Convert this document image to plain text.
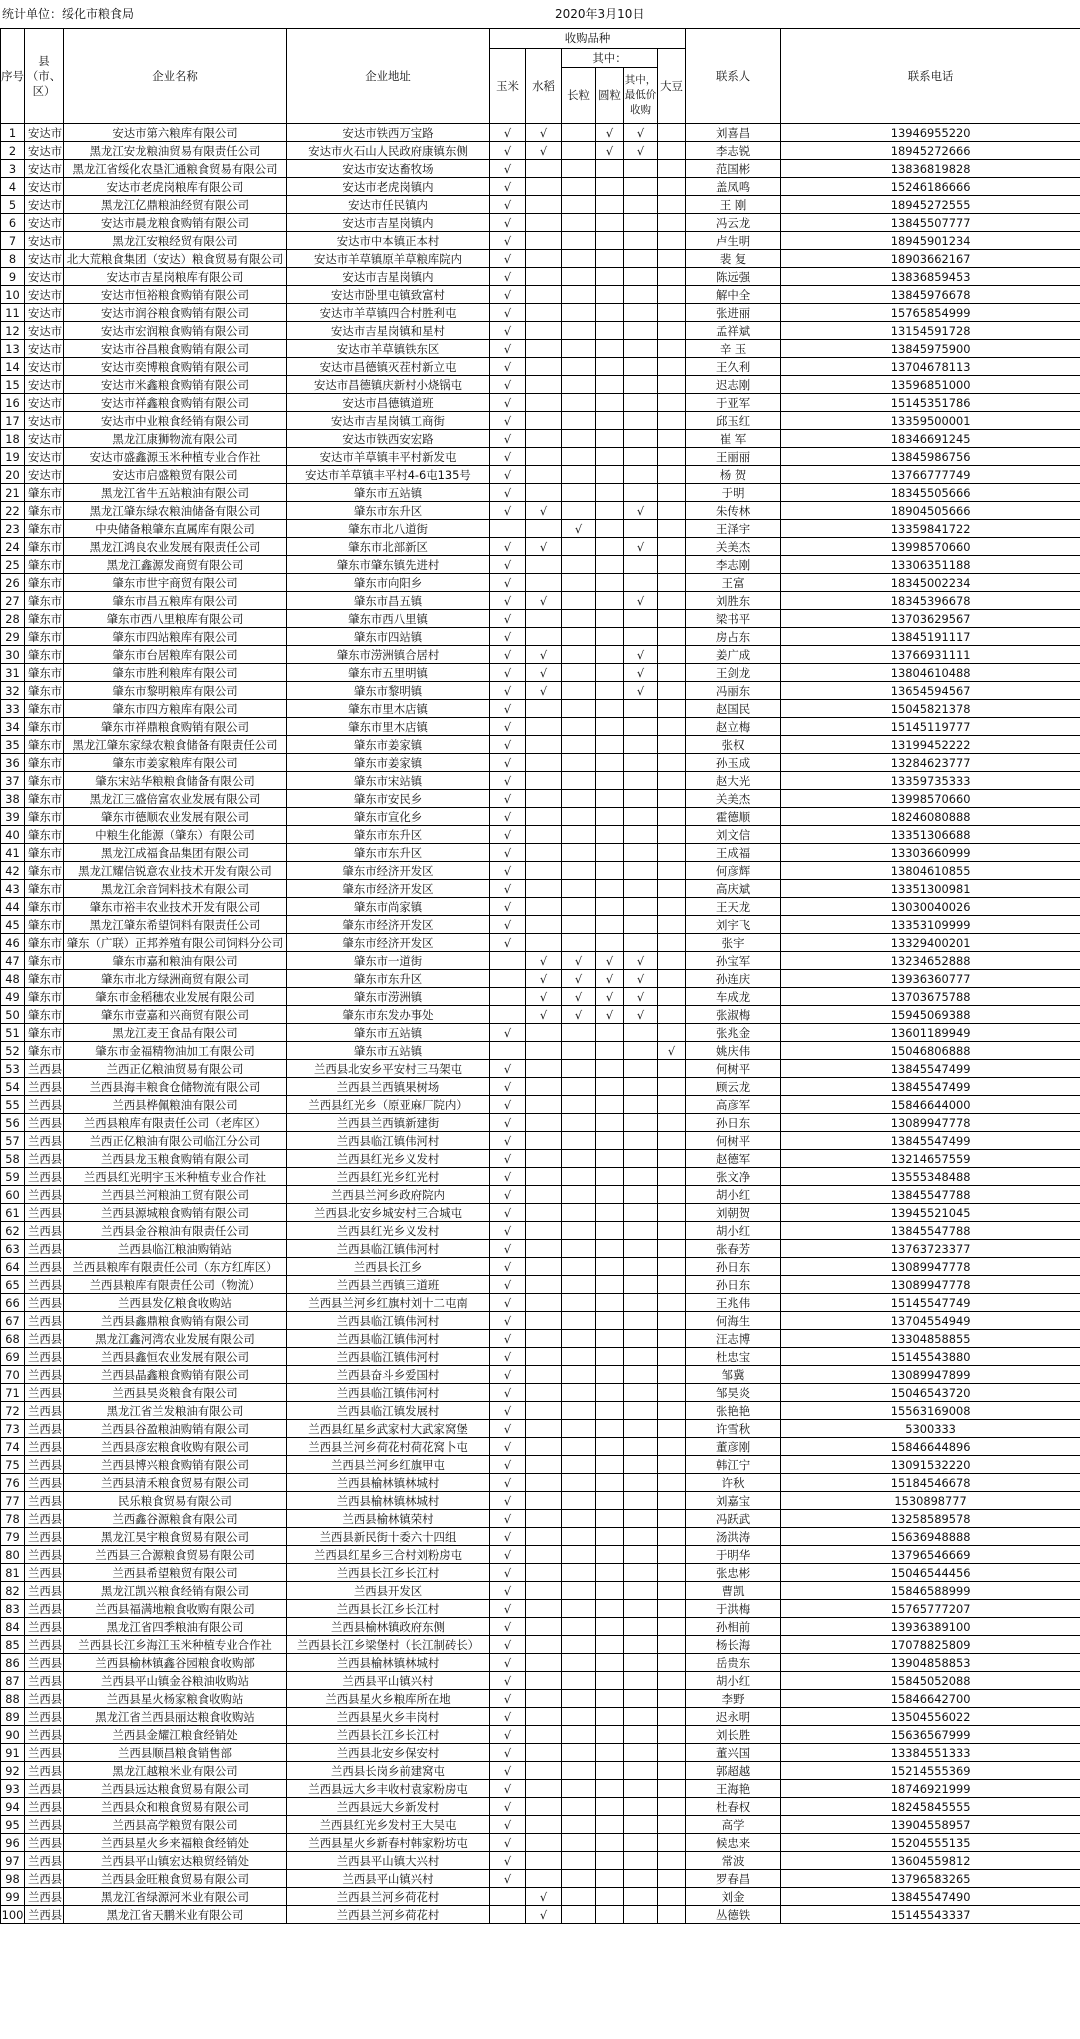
统计单位：绥化市粮食局	2020年3月10日
序号	县（市、区）	企业名称	企业地址	收购品种						联系人	联系电话
				玉米	水稻	其中：			大豆		
						长粒	圆粒	其中，最低价收购			
1	安达市	安达市第六粮库有限公司	安达市铁西万宝路	√	√		√	√		刘喜昌	13946955220
2	安达市	黑龙江安龙粮油贸易有限责任公司	安达市火石山人民政府康镇东侧	√	√		√	√		李志锐	18945272666
3	安达市	黑龙江省绥化农垦汇通粮食贸易有限公司	安达市安达畜牧场	√						范国彬	13836819828
4	安达市	安达市老虎岗粮库有限公司	安达市老虎岗镇内	√						盖凤鸣	15246186666
5	安达市	黑龙江亿鼎粮油经贸有限公司	安达市任民镇内	√						王 刚	18945272555
6	安达市	安达市晨龙粮食购销有限公司	安达市吉星岗镇内	√						冯云龙	13845507777
7	安达市	黑龙江安粮经贸有限公司	安达市中本镇正本村	√						卢生明	18945901234
8	安达市	北大荒粮食集团（安达）粮食贸易有限公司	安达市羊草镇原羊草粮库院内	√						裴 复	18903662167
9	安达市	安达市吉星岗粮库有限公司	安达市吉星岗镇内	√						陈远强	13836859453
10	安达市	安达市恒裕粮食购销有限公司	安达市卧里屯镇致富村	√						解中全	13845976678
11	安达市	安达市润谷粮食购销有限公司	安达市羊草镇四合村胜利屯	√						张进丽	15765854999
12	安达市	安达市宏润粮食购销有限公司	安达市吉星岗镇和星村	√						孟祥斌	13154591728
13	安达市	安达市谷昌粮食购销有限公司	安达市羊草镇铁东区	√						辛 玉	13845975900
14	安达市	安达市奕博粮食购销有限公司	安达市昌德镇灭茬村新立屯	√						王久利	13704678113
15	安达市	安达市米鑫粮食购销有限公司	安达市昌德镇庆新村小烧锅屯	√						迟志刚	13596851000
16	安达市	安达市祥鑫粮食购销有限公司	安达市昌德镇道班	√						于亚军	15145351786
17	安达市	安达市中业粮食经销有限公司	安达市吉星岗镇工商街	√						邱玉红	13359500001
18	安达市	黑龙江康狮物流有限公司	安达市铁西安宏路	√						崔 军	18346691245
19	安达市	安达市盛鑫源玉米种植专业合作社	安达市羊草镇丰平村新发屯	√						王丽丽	13845986756
20	安达市	安达市启盛粮贸有限公司	安达市羊草镇丰平村4-6屯135号	√						杨 贺	13766777749
21	肇东市	黑龙江省牛五站粮油有限公司	肇东市五站镇	√						于明	18345505666
22	肇东市	黑龙江肇东绿农粮油储备有限公司	肇东市东升区	√	√			√		朱传林	18904505666
23	肇东市	中央储备粮肇东直属库有限公司	肇东市北八道街			√				王泽宇	13359841722
24	肇东市	黑龙江鸿良农业发展有限责任公司	肇东市北部新区	√	√			√		关美杰	13998570660
25	肇东市	黑龙江鑫源发商贸有限公司	肇东市肇东镇先进村	√						李志刚	13306351188
26	肇东市	肇东市世宇商贸有限公司	肇东市向阳乡	√						王富	18345002234
27	肇东市	肇东市昌五粮库有限公司	肇东市昌五镇	√	√			√		刘胜东	18345396678
28	肇东市	肇东市西八里粮库有限公司	肇东市西八里镇	√						梁书平	13703629567
29	肇东市	肇东市四站粮库有限公司	肇东市四站镇	√						房占东	13845191117
30	肇东市	肇东市台居粮库有限公司	肇东市涝洲镇合居村	√	√			√		姜广成	13766931111
31	肇东市	肇东市胜利粮库有限公司	肇东市五里明镇	√	√			√		王剑龙	13804610488
32	肇东市	肇东市黎明粮库有限公司	肇东市黎明镇	√	√			√		冯丽东	13654594567
33	肇东市	肇东市四方粮库有限公司	肇东市里木店镇	√						赵国民	15045821378
34	肇东市	肇东市祥鼎粮食购销有限公司	肇东市里木店镇	√						赵立梅	15145119777
35	肇东市	黑龙江肇东家绿农粮食储备有限责任公司	肇东市姜家镇	√						张权	13199452222
36	肇东市	肇东市姜家粮库有限公司	肇东市姜家镇	√						孙玉成	13284623777
37	肇东市	肇东宋站华粮粮食储备有限公司	肇东市宋站镇	√						赵大光	13359735333
38	肇东市	黑龙江三盛倍富农业发展有限公司	肇东市安民乡	√						关美杰	13998570660
39	肇东市	肇东市德顺农业发展有限公司	肇东市宣化乡	√						霍德顺	18246080888
40	肇东市	中粮生化能源（肇东）有限公司	肇东市东升区	√						刘文信	13351306688
41	肇东市	黑龙江成福食品集团有限公司	肇东市东升区	√						王成福	13303660999
42	肇东市	黑龙江耀信锐意农业技术开发有限公司	肇东市经济开发区	√						何彦辉	13804610855
43	肇东市	黑龙江余音饲料技术有限公司	肇东市经济开发区	√						高庆斌	13351300981
44	肇东市	肇东市裕丰农业技术开发有限公司	肇东市尚家镇	√						王天龙	13030040026
45	肇东市	黑龙江肇东希望饲料有限责任公司	肇东市经济开发区	√						刘宇飞	13353109999
46	肇东市	肇东（广联）正邦养殖有限公司饲料分公司	肇东市经济开发区	√						张宇	13329400201
47	肇东市	肇东市嘉和粮油有限公司	肇东市一道街		√	√	√	√		孙宝军	13234652888
48	肇东市	肇东市北方绿洲商贸有限公司	肇东市东升区		√	√	√	√		孙连庆	13936360777
49	肇东市	肇东市金稻穗农业发展有限公司	肇东市涝洲镇		√	√	√	√		车成龙	13703675788
50	肇东市	肇东市壹嘉和兴商贸有限公司	肇东市东发办事处		√	√	√	√		张淑梅	15945069388
51	肇东市	黑龙江麦王食品有限公司	肇东市五站镇	√						张兆金	13601189949
52	肇东市	肇东市金福精物油加工有限公司	肇东市五站镇						√	姚庆伟	15046806888
53	兰西县	兰西正亿粮油贸易有限公司	兰西县北安乡平安村三马架屯	√						何树平	13845547499
54	兰西县	兰西县海丰粮食仓储物流有限公司	兰西县兰西镇果树场	√						顾云龙	13845547499
55	兰西县	兰西县桦佩粮油有限公司	兰西县红光乡（原亚麻厂院内）	√						高彦军	15846644000
56	兰西县	兰西县粮库有限责任公司（老库区）	兰西县兰西镇新建街	√						孙日东	13089947778
57	兰西县	兰西正亿粮油有限公司临江分公司	兰西县临江镇伟河村	√						何树平	13845547499
58	兰西县	兰西县龙玉粮食购销有限公司	兰西县红光乡义发村	√						赵德军	13214657559
59	兰西县	兰西县红光明宇玉米种植专业合作社	兰西县红光乡红光村	√						张文净	13555348488
60	兰西县	兰西县兰河粮油工贸有限公司	兰西县兰河乡政府院内	√						胡小红	13845547788
61	兰西县	兰西县源城粮食购销有限公司	兰西县北安乡城安村三合城屯	√						刘朝贺	13945521045
62	兰西县	兰西县金谷粮油有限责任公司	兰西县红光乡义发村	√						胡小红	13845547788
63	兰西县	兰西县临江粮油购销站	兰西县临江镇伟河村	√						张春芳	13763723377
64	兰西县	兰西县粮库有限责任公司（东方红库区）	兰西县长江乡	√						孙日东	13089947778
65	兰西县	兰西县粮库有限责任公司（物流）	兰西县兰西镇三道班	√						孙日东	13089947778
66	兰西县	兰西县发亿粮食收购站	兰西县兰河乡红旗村刘十二屯南	√						王兆伟	15145547749
67	兰西县	兰西县鑫鼎粮食购销有限公司	兰西县临江镇伟河村	√						何海生	13704554949
68	兰西县	黑龙江鑫河湾农业发展有限公司	兰西县临江镇伟河村	√						汪志博	13304858855
69	兰西县	兰西县鑫恒农业发展有限公司	兰西县临江镇伟河村	√						杜忠宝	15145543880
70	兰西县	兰西县晶鑫粮食购销有限公司	兰西县奋斗乡爱国村	√						邹冀	13089947899
71	兰西县	兰西县昊炎粮食有限公司	兰西县临江镇伟河村	√						邹昊炎	15046543720
72	兰西县	黑龙江省兰发粮油有限公司	兰西县临江镇发展村	√						张艳艳	15563169008
73	兰西县	兰西县谷盈粮油购销有限公司	兰西县红星乡武家村大武家窝堡	√						许雪秋	5300333
74	兰西县	兰西县彦宏粮食收购有限公司	兰西县兰河乡荷花村荷花窝卜屯	√						董彦刚	15846644896
75	兰西县	兰西县博兴粮食购销有限公司	兰西县兰河乡红旗甲屯	√						韩江宁	13091532220
76	兰西县	兰西县清禾粮食贸易有限公司	兰西县榆林镇林城村	√						许秋	15184546678
77	兰西县	民乐粮食贸易有限公司	兰西县榆林镇林城村	√						刘嘉宝	1530898777
78	兰西县	兰西鑫谷源粮食有限公司	兰西县榆林镇荣村	√						冯跃武	13258589578
79	兰西县	黑龙江昊宇粮食贸易有限公司	兰西县新民街十委六十四组	√						汤洪涛	15636948888
80	兰西县	兰西县三合源粮食贸易有限公司	兰西县红星乡三合村刘粉房屯	√						于明华	13796546669
81	兰西县	兰西县希望粮贸有限公司	兰西县长江乡长江村	√						张忠彬	15046544456
82	兰西县	黑龙江凯兴粮食经销有限公司	兰西县开发区	√						曹凯	15846588999
83	兰西县	兰西县福满地粮食收购有限公司	兰西县长江乡长江村	√						于洪梅	15765777207
84	兰西县	黑龙江省四季粮油有限公司	兰西县榆林镇政府东侧	√						孙相前	13936389100
85	兰西县	兰西县长江乡海江玉米种植专业合作社	兰西县长江乡梁堡村（长江制砖长）	√						杨长海	17078825809
86	兰西县	兰西县榆林镇鑫谷园粮食收购部	兰西县榆林镇林城村	√						岳贵东	13904858853
87	兰西县	兰西县平山镇金谷粮油收购站	兰西县平山镇兴村	√						胡小红	15845052088
88	兰西县	兰西县星火杨家粮食收购站	兰西县星火乡粮库所在地	√						李野	15846642700
89	兰西县	黑龙江省兰西县丽达粮食收购站	兰西县星火乡丰岗村	√						迟永明	13504556022
90	兰西县	兰西县金耀江粮食经销处	兰西县长江乡长江村	√						刘长胜	15636567999
91	兰西县	兰西县顺昌粮食销售部	兰西县北安乡保安村	√						董兴国	13384551333
92	兰西县	黑龙江越粮米业有限公司	兰西县长岗乡前建窝屯	√						郭超越	15214555369
93	兰西县	兰西县远达粮食贸易有限公司	兰西县远大乡丰收村袁家粉房屯	√						王海艳	18746921999
94	兰西县	兰西县众和粮食贸易有限公司	兰西县远大乡新发村	√						杜春权	18245845555
95	兰西县	兰西县高学粮贸有限公司	兰西县红光乡发村王大吴屯	√						高学	13904558957
96	兰西县	兰西县星火乡来福粮食经销处	兰西县星火乡新春村韩家粉坊屯	√						候忠来	15204555135
97	兰西县	兰西县平山镇宏达粮贸经销处	兰西县平山镇大兴村	√						常波	13604559812
98	兰西县	兰西县金旺粮食贸易有限公司	兰西县平山镇兴村	√						罗春昌	13796583265
99	兰西县	黑龙江省绿源河米业有限公司	兰西县兰河乡荷花村		√					刘金	13845547490
100	兰西县	黑龙江省天鹏米业有限公司	兰西县兰河乡荷花村		√					丛德铁	15145543337
